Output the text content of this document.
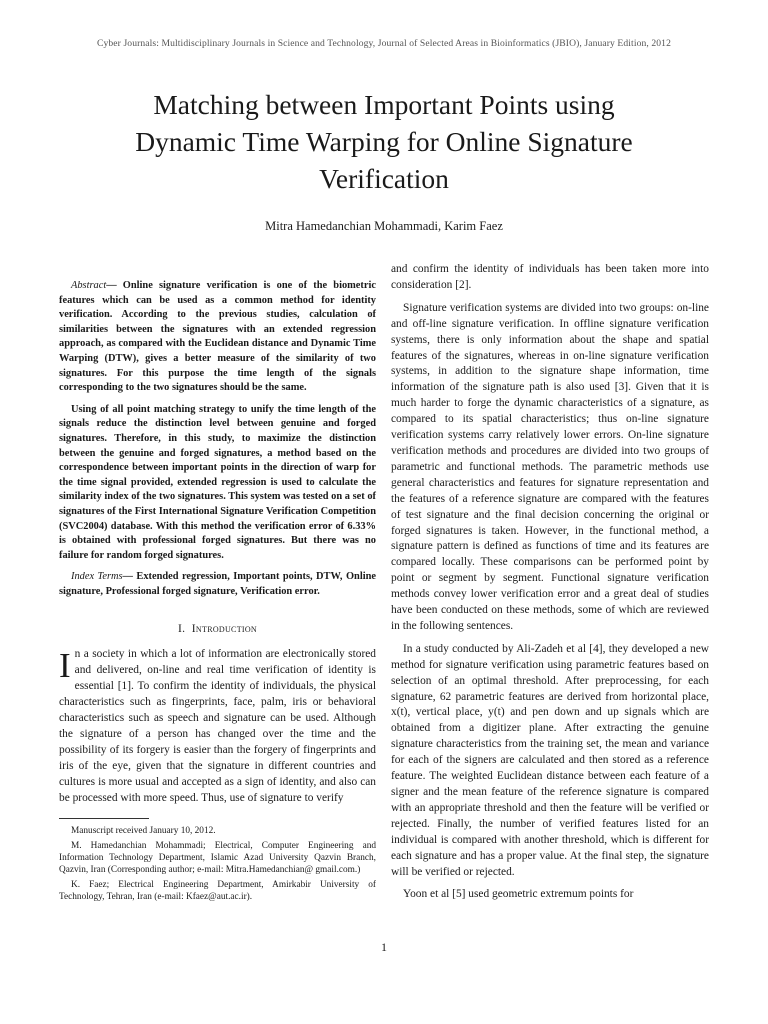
Cyber Journals: Multidisciplinary Journals in Science and Technology, Journal of Selected Areas in Bioinformatics (JBIO), January Edition, 2012
Matching between Important Points using
Dynamic Time Warping for Online Signature
Verification
Mitra Hamedanchian Mohammadi, Karim Faez

Abstract— Online signature verification is one of the biometric features which can be used as a common method for identity verification. According to the previous studies, calculation of similarities between the signatures with an extended regression approach, as compared with the Euclidean distance and Dynamic Time Warping (DTW), gives a better measure of the similarity of two signatures. For this purpose the time length of the signals corresponding to the two signatures should be the same.

Using of all point matching strategy to unify the time length of the signals reduce the distinction level between genuine and forged signatures. Therefore, in this study, to maximize the distinction between the genuine and forged signatures, a method based on the correspondence between important points in the direction of warp for the time signal provided, extended regression is used to calculate the similarity index of the two signatures. This system was tested on a set of signatures of the First International Signature Verification Competition (SVC2004) database. With this method the verification error of 6.33% is obtained with professional forged signatures. But there was no failure for random forged signatures.

Index Terms— Extended regression, Important points, DTW, Online signature, Professional forged signature, Verification error.

I. Introduction

In a society in which a lot of information are electronically stored and delivered, on-line and real time verification of identity is essential [1]. To confirm the identity of individuals, the physical characteristics such as fingerprints, face, palm, iris or behavioral characteristics such as speech and signature can be used. Although the signature of a person has changed over the time and the possibility of its forgery is easier than the forgery of fingerprints and iris of the eye, given that the signature in different countries and cultures is more usual and accepted as a sign of identity, and also can be processed with more speed. Thus, use of signature to verify

Manuscript received January 10, 2012.

M. Hamedanchian Mohammadi; Electrical, Computer Engineering and Information Technology Department, Islamic Azad University Qazvin Branch, Qazvin, Iran (Corresponding author; e-mail: Mitra.Hamedanchian@ gmail.com.)

K. Faez; Electrical Engineering Department, Amirkabir University of Technology, Tehran, Iran (e-mail: Kfaez@aut.ac.ir).

and confirm the identity of individuals has been taken more into consideration [2].

Signature verification systems are divided into two groups: on-line and off-line signature verification. In offline signature verification systems, there is only information about the shape and spatial features of the signatures, whereas in on-line signature verification systems, in addition to the signature shape information, time information of the signature path is also used [3]. Given that it is much harder to forge the dynamic characteristics of a signature, as compared to its spatial characteristics; thus on-line signature verification systems carry relatively lower errors. On-line signature verification methods and procedures are divided into two groups of parametric and functional methods. The parametric methods use general characteristics and features for signature representation and the features of a reference signature are compared with the features of test signature and the final decision concerning the original or forged signatures is taken. However, in the functional method, a signature pattern is defined as functions of time and its features are compared locally. These comparisons can be performed point by point or segment by segment. Functional signature verification methods convey lower verification error and a great deal of studies have been conducted on these methods, some of which are reviewed in the following sentences.

In a study conducted by Ali-Zadeh et al [4], they developed a new method for signature verification using parametric features based on selection of an optimal threshold. After preprocessing, for each signature, 62 parametric features are derived from horizontal place, x(t), vertical place, y(t) and pen down and up signals which are obtained from a digitizer plane. After extracting the genuine signature characteristics from the training set, the mean and variance for each of the signers are calculated and then stored as a reference feature. The weighted Euclidean distance between each feature of a signer and the mean feature of the reference signature is compared with an appropriate threshold and then the feature will be verified or rejected. Finally, the number of verified features listed for an individual is compared with another threshold, which is different for each signature and has a proper value. At the final step, the signature will be verified or rejected.

Yoon et al [5] used geometric extremum points for

1
